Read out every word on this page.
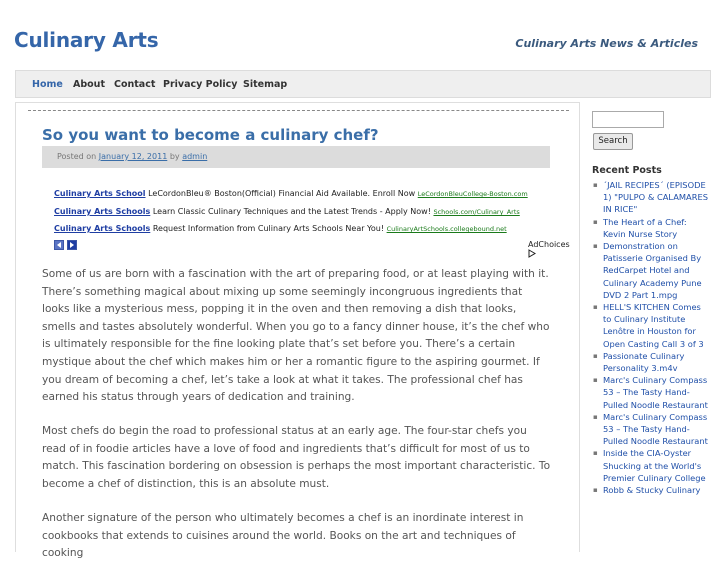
Culinary Arts	Culinary Arts News & Articles
Home About Contact Privacy Policy Sitemap
So you want to become a culinary chef?
Posted on January 12, 2011 by admin
Culinary Arts School LeCordonBleu® Boston(Official) Financial Aid Available. Enroll Now LeCordonBleuCollege-Boston.com
Culinary Arts Schools Learn Classic Culinary Techniques and the Latest Trends - Apply Now! Schools.com/Culinary_Arts
Culinary Arts Schools Request Information from Culinary Arts Schools Near You! CulinaryArtSchools.collegebound.net
AdChoices

Some of us are born with a fascination with the art of preparing food, or at least playing with it. There’s something magical about mixing up some seemingly incongruous ingredients that looks like a mysterious mess, popping it in the oven and then removing a dish that looks, smells and tastes absolutely wonderful. When you go to a fancy dinner house, it’s the chef who is ultimately responsible for the fine looking plate that’s set before you. There’s a certain mystique about the chef which makes him or her a romantic figure to the aspiring gourmet. If you dream of becoming a chef, let’s take a look at what it takes. The professional chef has earned his status through years of dedication and training.

Most chefs do begin the road to professional status at an early age. The four-star chefs you read of in foodie articles have a love of food and ingredients that’s difficult for most of us to match. This fascination bordering on obsession is perhaps the most important characteristic. To become a chef of distinction, this is an absolute must.

Another signature of the person who ultimately becomes a chef is an inordinate interest in cookbooks that extends to cuisines around the world. Books on the art and techniques of cooking

Search
Recent Posts
▪ ´JAIL RECIPES´ (EPISODE 1) "PULPO & CALAMARES IN RICE"
▪ The Heart of a Chef: Kevin Nurse Story
▪ Demonstration on Patisserie Organised By RedCarpet Hotel and Culinary Academy Pune DVD 2 Part 1.mpg
▪ HELL'S KITCHEN Comes to Culinary Institute Lenôtre in Houston for Open Casting Call 3 of 3
▪ Passionate Culinary Personality 3.m4v
▪ Marc's Culinary Compass 53 – The Tasty Hand-Pulled Noodle Restaurant
▪ Marc's Culinary Compass 53 – The Tasty Hand-Pulled Noodle Restaurant
▪ Inside the CIA-Oyster Shucking at the World's Premier Culinary College
▪ Robb & Stucky Culinary
